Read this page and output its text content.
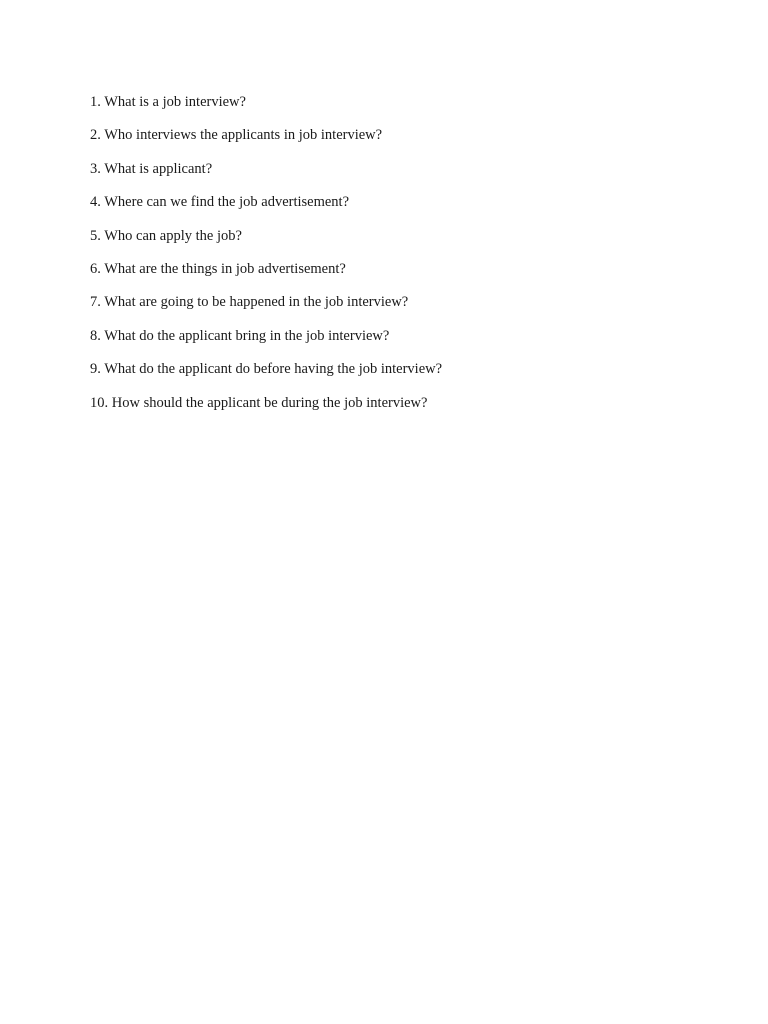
1. What is a job interview?
2. Who interviews the applicants in job interview?
3. What is applicant?
4. Where can we find the job advertisement?
5. Who can apply the job?
6. What are the things in job advertisement?
7. What are going to be happened in the job interview?
8. What do the applicant bring in the job interview?
9. What do the applicant do before having the job interview?
10. How should the applicant be during the job interview?
